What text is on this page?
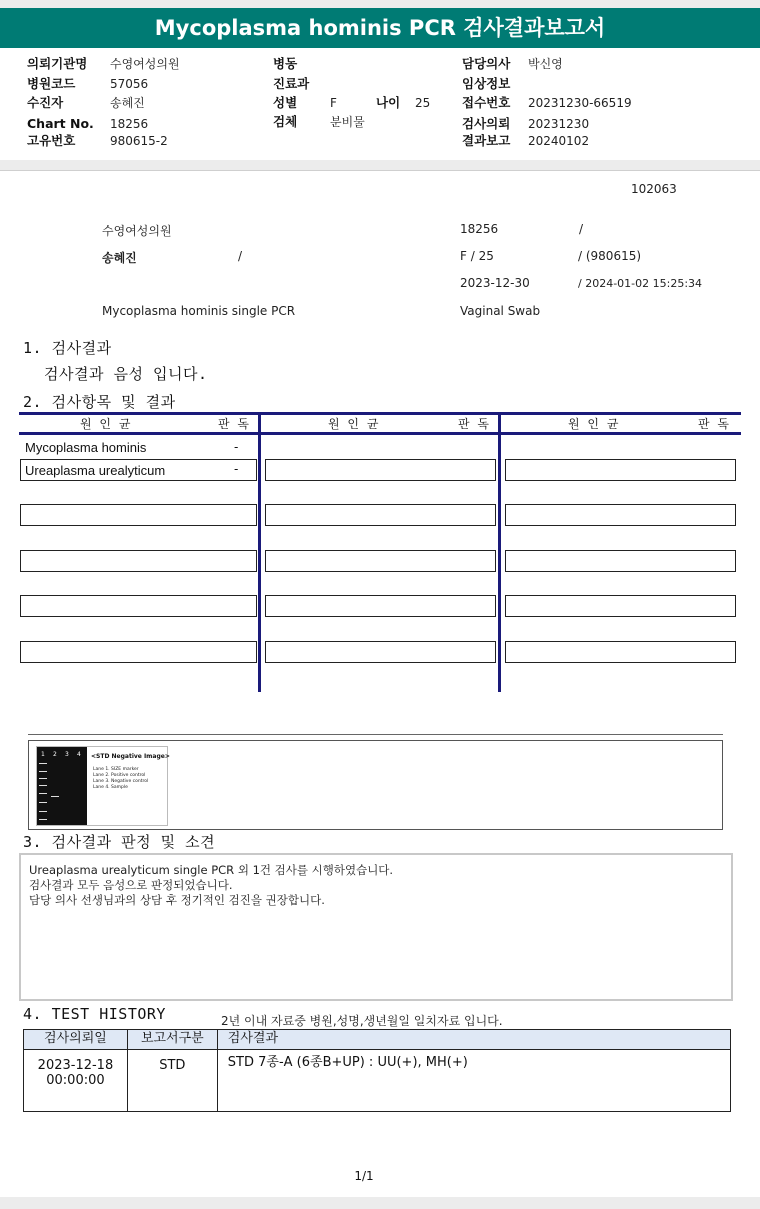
Mycoplasma hominis PCR 검사결과보고서
의뢰기관명 수영여성의원	병동	담당의사 박신영
병원코드	57056	진료과	임상정보
수진자	송혜진	성별	F	나이 25	접수번호 20231230-66519
Chart No. 18256	검체	분비물	검사의뢰 20231230
고유번호	980615-2	결과보고 20240102
102063
수영여성의원	18256	/
송혜진	/	F / 25	/ (980615)
2023-12-30	/ 2024-01-02 15:25:34
Mycoplasma hominis single PCR	Vaginal Swab
1. 검사결과
검사결과 음성 입니다.
2. 검사항목 및 결과
원 인 균	판 독	원 인 균	판 독	원 인 균	판 독
Mycoplasma hominis	-
Ureaplasma urealyticum	-
1 2 3 4 <STD Negative Image>
Lane 1. SIZE marker
Lane 2. Positive control
Lane 3. Negative control
Lane 4. Sample
3. 검사결과 판정 및 소견
Ureaplasma urealyticum single PCR 외 1건 검사를 시행하였습니다.
검사결과 모두 음성으로 판정되었습니다.
담당 의사 선생님과의 상담 후 정기적인 검진을 권장합니다.
4. TEST HISTORY	2년 이내 자료중 병원,성명,생년월일 일치자료 입니다.
검사의뢰일	보고서구분	검사결과

2023-12-18
00:00:00	STD	STD 7종-A (6종B+UP) : UU(+), MH(+)
1/1
